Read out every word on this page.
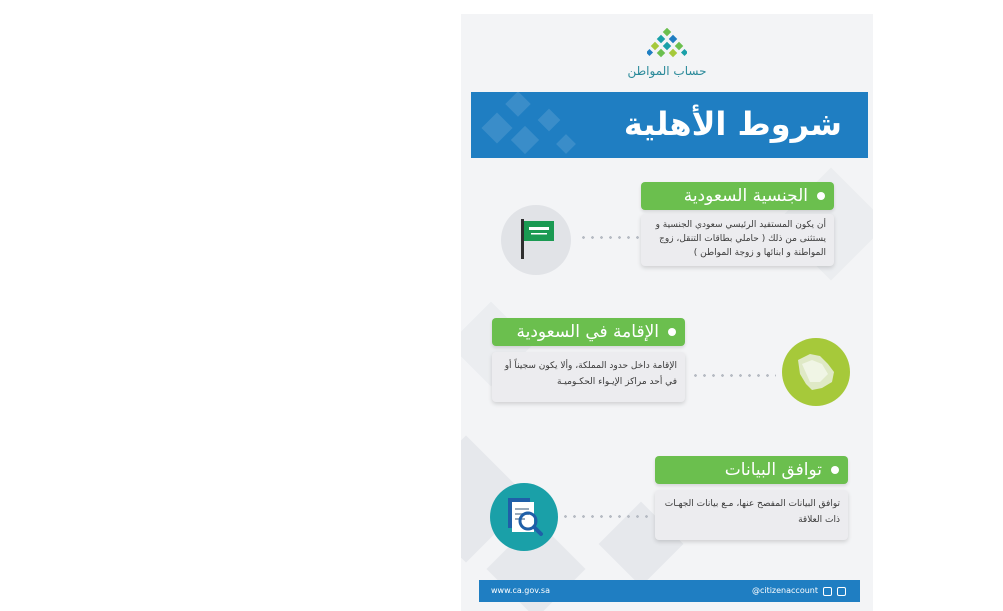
حساب المواطن
شروط الأهلية
الجنسية السعودية
أن يكون المستفيد الرئيسي سعودي الجنسية و يستثنى من ذلك ( حاملي بطاقات التنقل، زوج المواطنة و ابنائها و زوجة المواطن )
الإقامة في السعودية
الإقامة داخل حدود المملكة، وألا يكون سجيناً أو في أحد مراكز الإيـواء الحكـوميـة
توافق البيانات
توافق البيانات المفصح عنها، مـع بيانات الجهـات ذات العلاقة
www.ca.gov.sa	@citizenaccount
